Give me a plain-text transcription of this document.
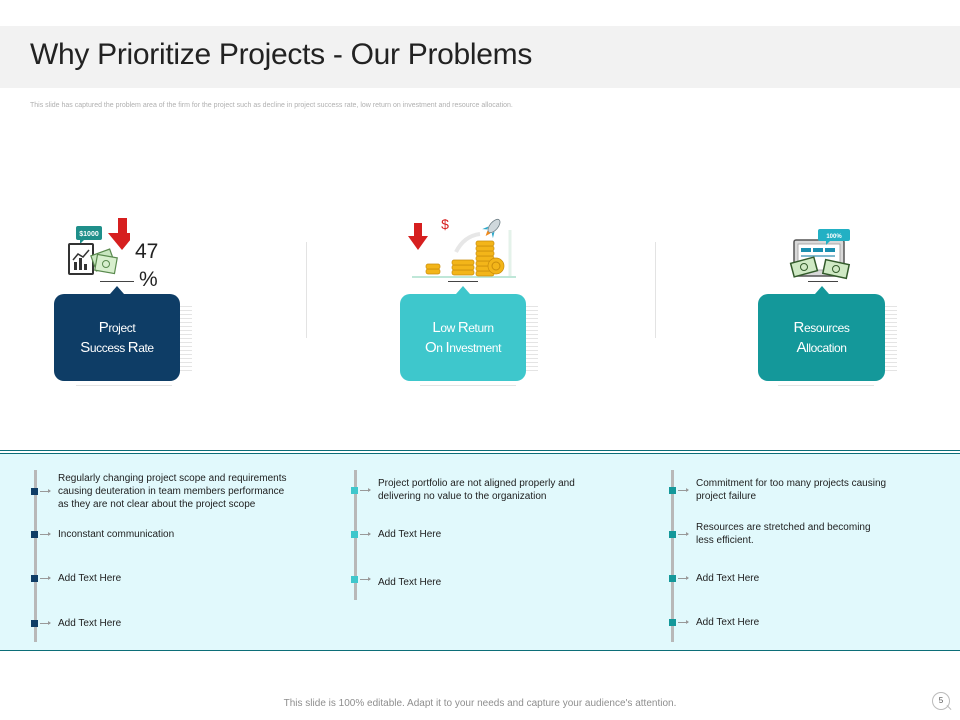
Why Prioritize Projects - Our Problems
This slide has captured the problem area of the firm for the project such as decline in project success rate, low return on investment and resource allocation.
$1000
47
%
$
100%
Project
Success Rate
Low Return
On Investment
Resources
Allocation
Regularly changing project scope and requirements
causing deuteration in team members performance
as they are not clear about the project scope
Inconstant communication
Add Text Here
Add Text Here
Project portfolio are not aligned properly and
delivering no value to the organization
Add Text Here
Add Text Here
Commitment for too many projects causing
project failure
Resources are stretched and becoming
less efficient.
Add Text Here
Add Text Here
This slide is 100% editable. Adapt it to your needs and capture your audience's attention.	5
